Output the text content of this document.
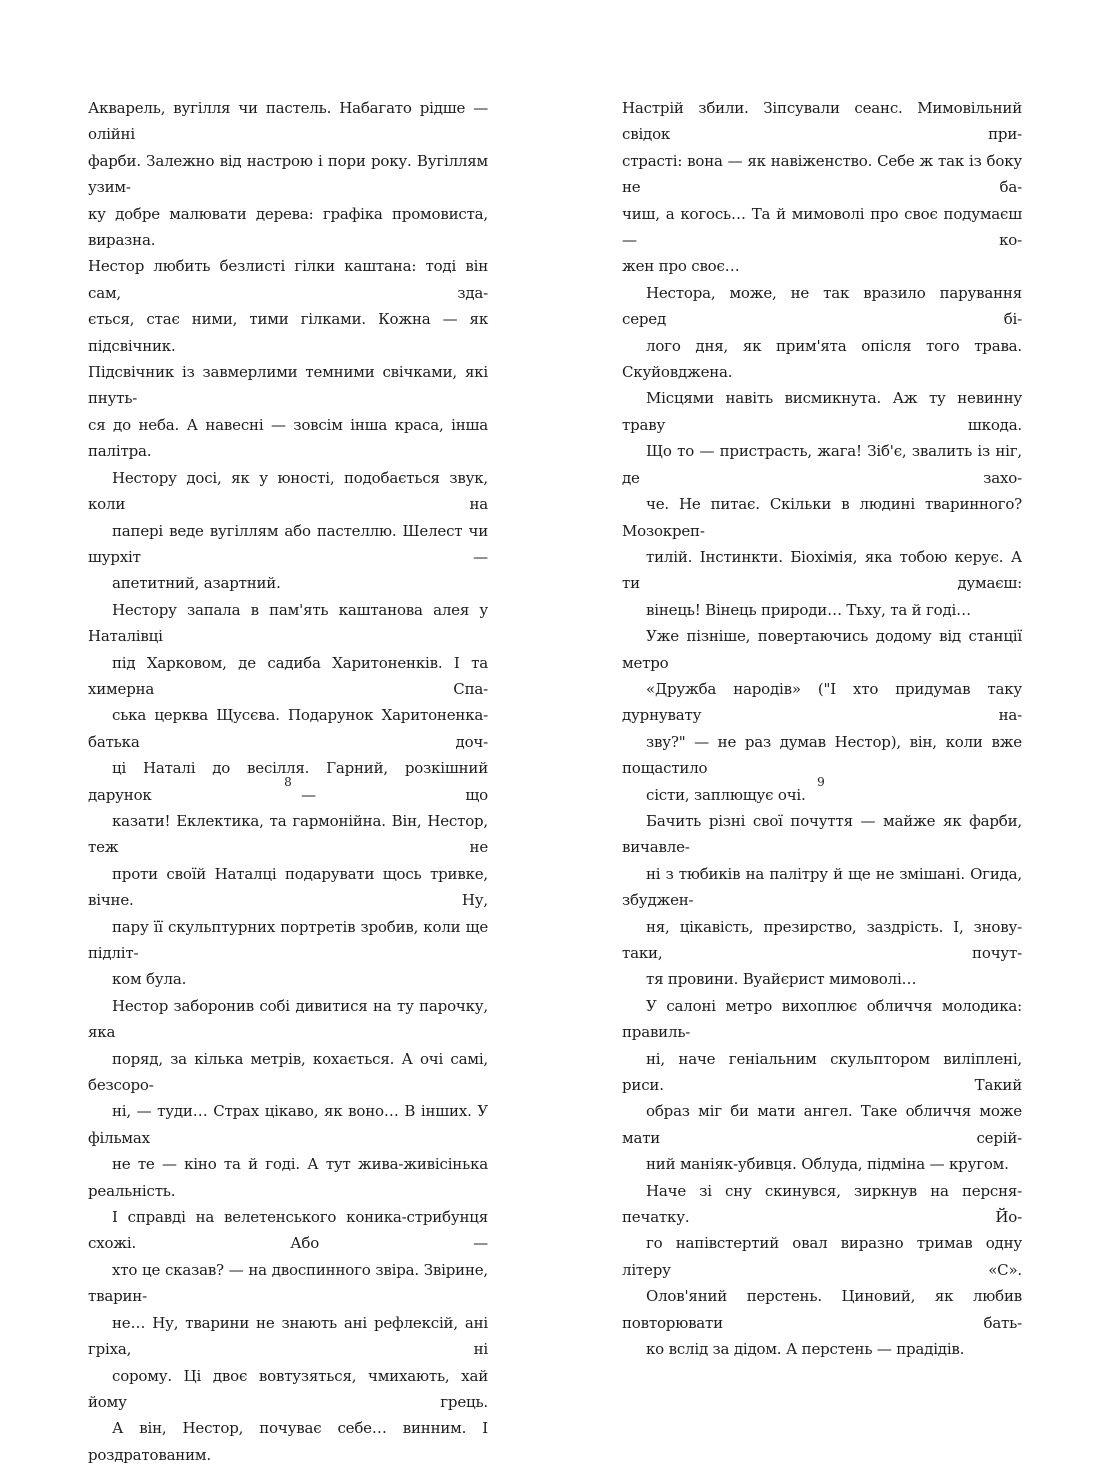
Акварель, вугілля чи пастель. Набагато рідше — олійні
фарби. Залежно від настрою і пори року. Вугіллям узим-
ку добре малювати дерева: графіка промовиста, виразна.
Нестор любить безлисті гілки каштана: тоді він сам, зда-
ється, стає ними, тими гілками. Кожна — як підсвічник.
Підсвічник із завмерлими темними свічками, які пнуть-
ся до неба. А навесні — зовсім інша краса, інша палітра.

Нестору досі, як у юності, подобається звук, коли на
папері веде вугіллям або пастеллю. Шелест чи шурхіт —
апетитний, азартний.

Нестору запала в пам'ять каштанова алея у Наталівці
під Харковом, де садиба Харитоненків. І та химерна Спа-
ська церква Щусєва. Подарунок Харитоненка-батька доч-
ці Наталі до весілля. Гарний, розкішний дарунок — що
казати! Еклектика, та гармонійна. Він, Нестор, теж не
проти своїй Наталці подарувати щось тривке, вічне. Ну,
пару її скульптурних портретів зробив, коли ще підліт-
ком була.

Нестор заборонив собі дивитися на ту парочку, яка
поряд, за кілька метрів, кохається. А очі самі, безсоро-
ні, — туди… Страх цікаво, як воно… В інших. У фільмах
не те — кіно та й годі. А тут жива-живісінька реальність.
І справді на велетенського коника-стрибунця схожі. Або —
хто це сказав? — на двоспинного звіра. Звірине, тварин-
не… Ну, тварини не знають ані рефлексій, ані гріха, ні
сорому. Ці двоє вовтузяться, чмихають, хай йому грець.
А він, Нестор, почуває себе… винним. І роздратованим.

Настрій збили. Зіпсували сеанс. Мимовільний свідок при-
страсті: вона — як навіженство. Себе ж так із боку не ба-
чиш, а когось… Та й мимоволі про своє подумаєш — ко-
жен про своє…

Нестора, може, не так вразило парування серед бі-
лого дня, як прим'ята опісля того трава. Скуйовджена.
Місцями навіть висмикнута. Аж ту невинну траву шкода.
Що то — пристрасть, жага! Зіб'є, звалить із ніг, де захо-
че. Не питає. Скільки в людині тваринного? Мозокреп-
тилій. Інстинкти. Біохімія, яка тобою керує. А ти думаєш:
вінець! Вінець природи… Тьху, та й годі…

Уже пізніше, повертаючись додому від станції метро
«Дружба народів» ("І хто придумав таку дурнувату на-
зву?" — не раз думав Нестор), він, коли вже пощастило
сісти, заплющує очі.

Бачить різні свої почуття — майже як фарби, вичавле-
ні з тюбиків на палітру й ще не змішані. Огида, збуджен-
ня, цікавість, презирство, заздрість. І, знову-таки, почут-
тя провини. Вуайєрист мимоволі…

У салоні метро вихоплює обличчя молодика: правиль-
ні, наче геніальним скульптором виліплені, риси. Такий
образ міг би мати ангел. Таке обличчя може мати серій-
ний маніяк-убивця. Облуда, підміна — кругом.

Наче зі сну скинувся, зиркнув на персня-печатку. Йо-
го напівстертий овал виразно тримав одну літеру «С».
Олов'яний перстень. Циновий, як любив повторювати бать-
ко вслід за дідом. А перстень — прадідів.

8	9
